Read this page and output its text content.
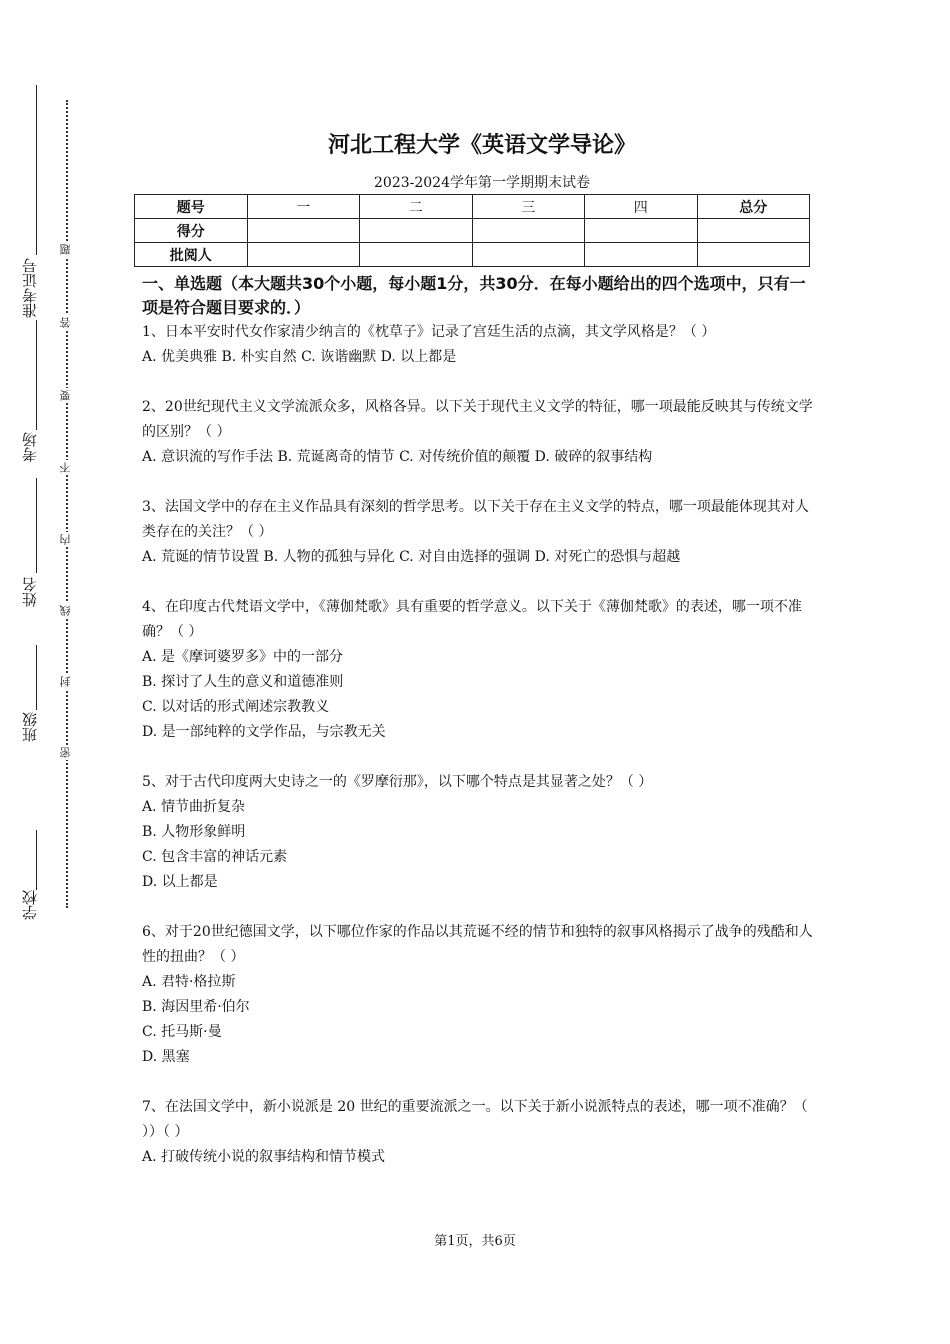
学校
班级
姓名
考场
准考证号
题
答
要
不
内
线
封
密
河北工程大学《英语文学导论》
2023-2024学年第一学期期末试卷
题号	一	二	三	四	总分
得分					
批阅人					
一、单选题（本大题共30个小题，每小题1分，共30分．在每小题给出的四个选项中，只有一项是符合题目要求的．）

1、日本平安时代女作家清少纳言的《枕草子》记录了宫廷生活的点滴，其文学风格是？（ ）

A. 优美典雅 B. 朴实自然 C. 诙谐幽默 D. 以上都是

2、20世纪现代主义文学流派众多，风格各异。以下关于现代主义文学的特征，哪一项最能反映其与传统文学的区别？（ ）

A. 意识流的写作手法 B. 荒诞离奇的情节 C. 对传统价值的颠覆 D. 破碎的叙事结构

3、法国文学中的存在主义作品具有深刻的哲学思考。以下关于存在主义文学的特点，哪一项最能体现其对人类存在的关注？（ ）

A. 荒诞的情节设置 B. 人物的孤独与异化 C. 对自由选择的强调 D. 对死亡的恐惧与超越

4、在印度古代梵语文学中，《薄伽梵歌》具有重要的哲学意义。以下关于《薄伽梵歌》的表述，哪一项不准确？（ ）

A. 是《摩诃婆罗多》中的一部分

B. 探讨了人生的意义和道德准则

C. 以对话的形式阐述宗教教义

D. 是一部纯粹的文学作品，与宗教无关

5、对于古代印度两大史诗之一的《罗摩衍那》，以下哪个特点是其显著之处？（ ）

A. 情节曲折复杂

B. 人物形象鲜明

C. 包含丰富的神话元素

D. 以上都是

6、对于20世纪德国文学，以下哪位作家的作品以其荒诞不经的情节和独特的叙事风格揭示了战争的残酷和人性的扭曲？（ ）

A. 君特·格拉斯

B. 海因里希·伯尔

C. 托马斯·曼

D. 黑塞

7、在法国文学中，新小说派是 20 世纪的重要流派之一。以下关于新小说派特点的表述，哪一项不准确？（ ））（ ）

A. 打破传统小说的叙事结构和情节模式

第1页，共6页
